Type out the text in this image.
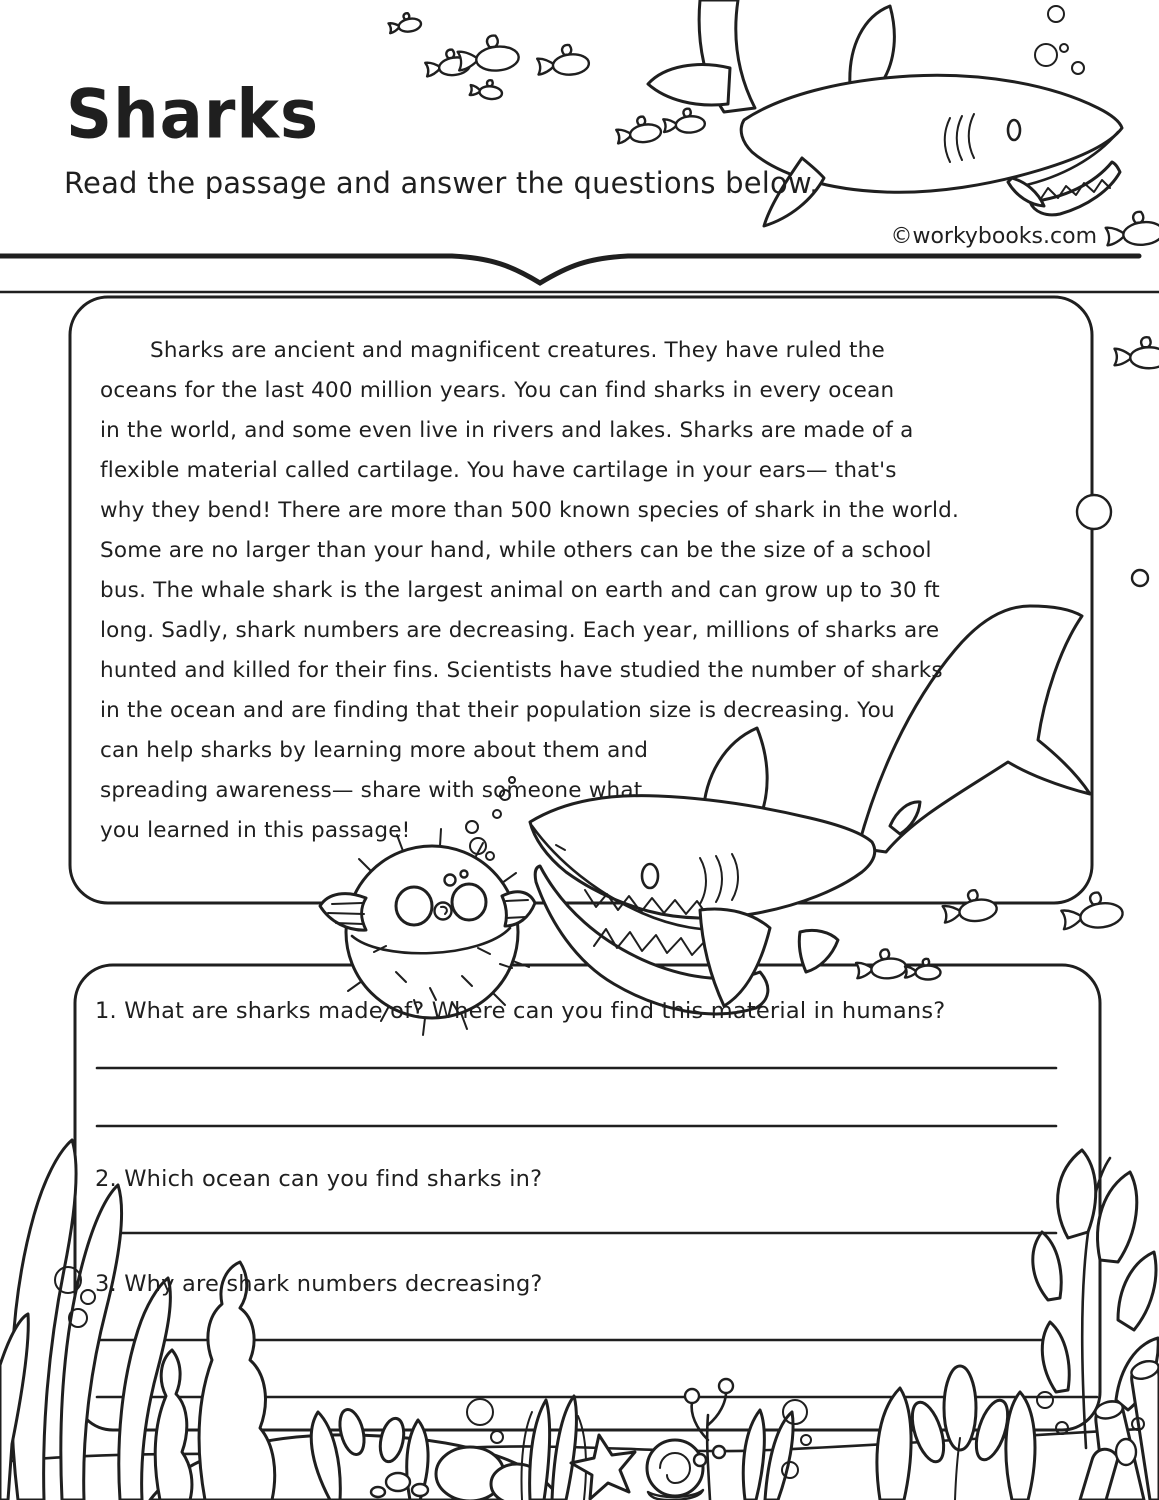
Sharks
Read the passage and answer the questions below.
©workybooks.com
Sharks are ancient and magnificent creatures. They have ruled the
oceans for the last 400 million years. You can find sharks in every ocean
in the world, and some even live in rivers and lakes. Sharks are made of a
flexible material called cartilage. You have cartilage in your ears— that's
why they bend! There are more than 500 known species of shark in the world.
Some are no larger than your hand, while others can be the size of a school
bus. The whale shark is the largest animal on earth and can grow up to 30 ft
long. Sadly, shark numbers are decreasing. Each year, millions of sharks are
hunted and killed for their fins. Scientists have studied the number of sharks
in the ocean and are finding that their population size is decreasing. You
can help sharks by learning more about them and
spreading awareness— share with someone what
you learned in this passage!
1. What are sharks made of? Where can you find this material in humans?
2. Which ocean can you find sharks in?
3. Why are shark numbers decreasing?
